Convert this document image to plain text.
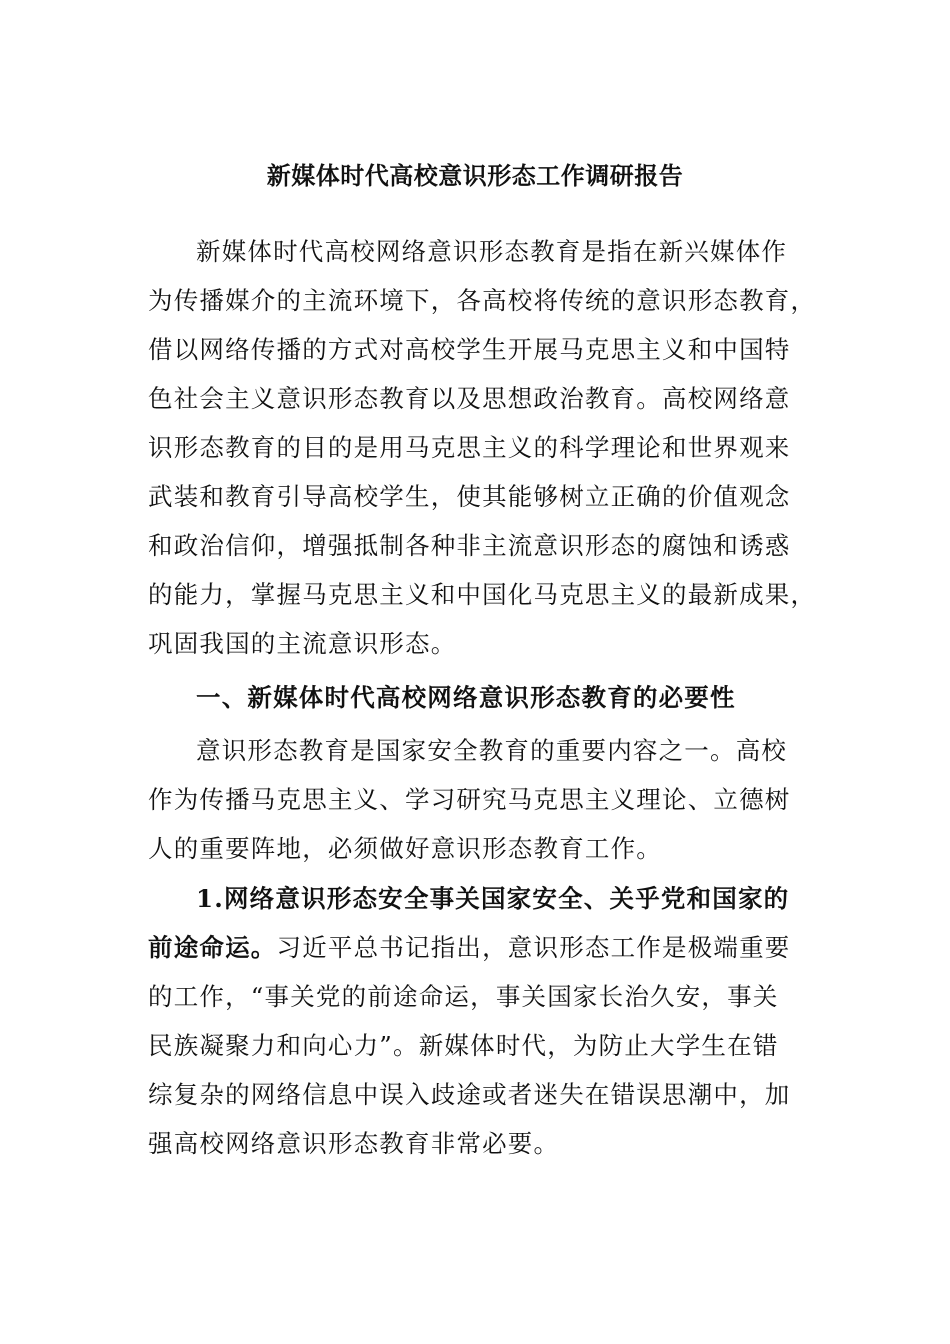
新媒体时代高校意识形态工作调研报告
新媒体时代高校网络意识形态教育是指在新兴媒体作
为传播媒介的主流环境下，各高校将传统的意识形态教育，
借以网络传播的方式对高校学生开展马克思主义和中国特
色社会主义意识形态教育以及思想政治教育。高校网络意
识形态教育的目的是用马克思主义的科学理论和世界观来
武装和教育引导高校学生，使其能够树立正确的价值观念
和政治信仰，增强抵制各种非主流意识形态的腐蚀和诱惑
的能力，掌握马克思主义和中国化马克思主义的最新成果，
巩固我国的主流意识形态。
一、新媒体时代高校网络意识形态教育的必要性
意识形态教育是国家安全教育的重要内容之一。高校
作为传播马克思主义、学习研究马克思主义理论、立德树
人的重要阵地，必须做好意识形态教育工作。
1.网络意识形态安全事关国家安全、关乎党和国家的
前途命运。习近平总书记指出，意识形态工作是极端重要
的工作，“事关党的前途命运，事关国家长治久安，事关
民族凝聚力和向心力”。新媒体时代，为防止大学生在错
综复杂的网络信息中误入歧途或者迷失在错误思潮中，加
强高校网络意识形态教育非常必要。
